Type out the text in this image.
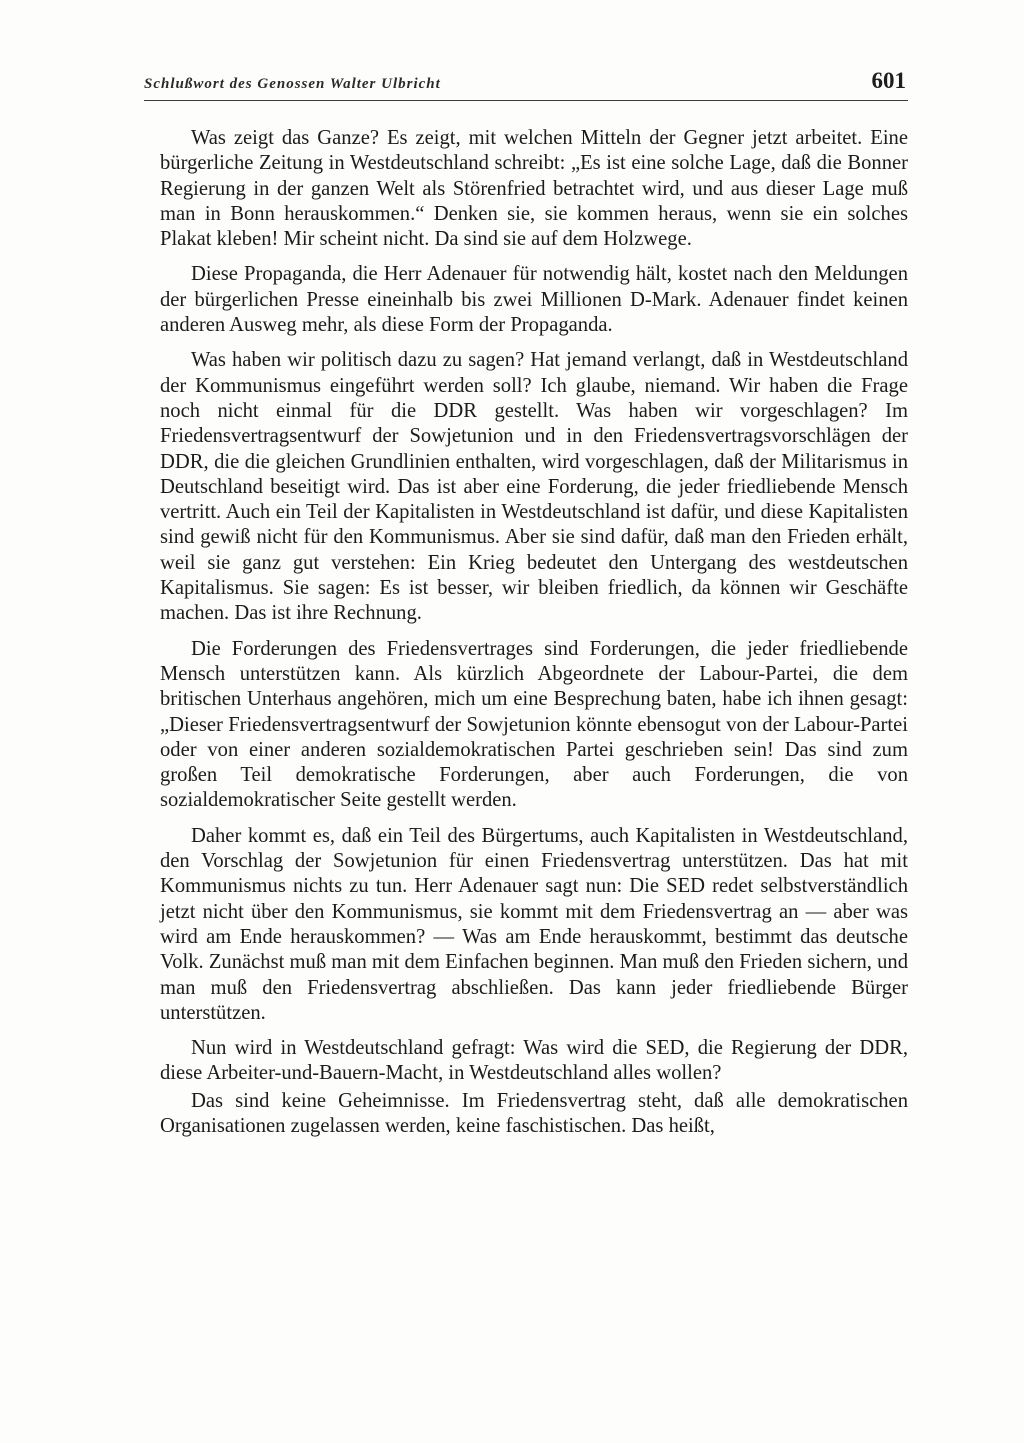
Schlußwort des Genossen Walter Ulbricht	601

Was zeigt das Ganze? Es zeigt, mit welchen Mitteln der Gegner jetzt arbeitet. Eine bürgerliche Zeitung in Westdeutschland schreibt: „Es ist eine solche Lage, daß die Bonner Regierung in der ganzen Welt als Störenfried betrachtet wird, und aus dieser Lage muß man in Bonn herauskommen.“ Denken sie, sie kommen heraus, wenn sie ein solches Plakat kleben! Mir scheint nicht. Da sind sie auf dem Holzwege.

Diese Propaganda, die Herr Adenauer für notwendig hält, kostet nach den Meldungen der bürgerlichen Presse eineinhalb bis zwei Millionen D-Mark. Adenauer findet keinen anderen Ausweg mehr, als diese Form der Propaganda.

Was haben wir politisch dazu zu sagen? Hat jemand verlangt, daß in Westdeutschland der Kommunismus eingeführt werden soll? Ich glaube, niemand. Wir haben die Frage noch nicht einmal für die DDR gestellt. Was haben wir vorgeschlagen? Im Friedensvertragsentwurf der Sowjetunion und in den Friedensvertragsvorschlägen der DDR, die die gleichen Grundlinien enthalten, wird vorgeschlagen, daß der Militarismus in Deutschland beseitigt wird. Das ist aber eine Forderung, die jeder friedliebende Mensch vertritt. Auch ein Teil der Kapitalisten in Westdeutschland ist dafür, und diese Kapitalisten sind gewiß nicht für den Kommunismus. Aber sie sind dafür, daß man den Frieden erhält, weil sie ganz gut verstehen: Ein Krieg bedeutet den Untergang des westdeutschen Kapitalismus. Sie sagen: Es ist besser, wir bleiben friedlich, da können wir Geschäfte machen. Das ist ihre Rechnung.

Die Forderungen des Friedensvertrages sind Forderungen, die jeder friedliebende Mensch unterstützen kann. Als kürzlich Abgeordnete der Labour-Partei, die dem britischen Unterhaus angehören, mich um eine Besprechung baten, habe ich ihnen gesagt: „Dieser Friedensvertragsentwurf der Sowjetunion könnte ebensogut von der Labour-Partei oder von einer anderen sozialdemokratischen Partei geschrieben sein! Das sind zum großen Teil demokratische Forderungen, aber auch Forderungen, die von sozialdemokratischer Seite gestellt werden.

Daher kommt es, daß ein Teil des Bürgertums, auch Kapitalisten in Westdeutschland, den Vorschlag der Sowjetunion für einen Friedensvertrag unterstützen. Das hat mit Kommunismus nichts zu tun. Herr Adenauer sagt nun: Die SED redet selbstverständlich jetzt nicht über den Kommunismus, sie kommt mit dem Friedensvertrag an — aber was wird am Ende herauskommen? — Was am Ende herauskommt, bestimmt das deutsche Volk. Zunächst muß man mit dem Einfachen beginnen. Man muß den Frieden sichern, und man muß den Friedensvertrag abschließen. Das kann jeder friedliebende Bürger unterstützen.

Nun wird in Westdeutschland gefragt: Was wird die SED, die Regierung der DDR, diese Arbeiter-und-Bauern-Macht, in Westdeutschland alles wollen?

Das sind keine Geheimnisse. Im Friedensvertrag steht, daß alle demokratischen Organisationen zugelassen werden, keine faschistischen. Das heißt,
